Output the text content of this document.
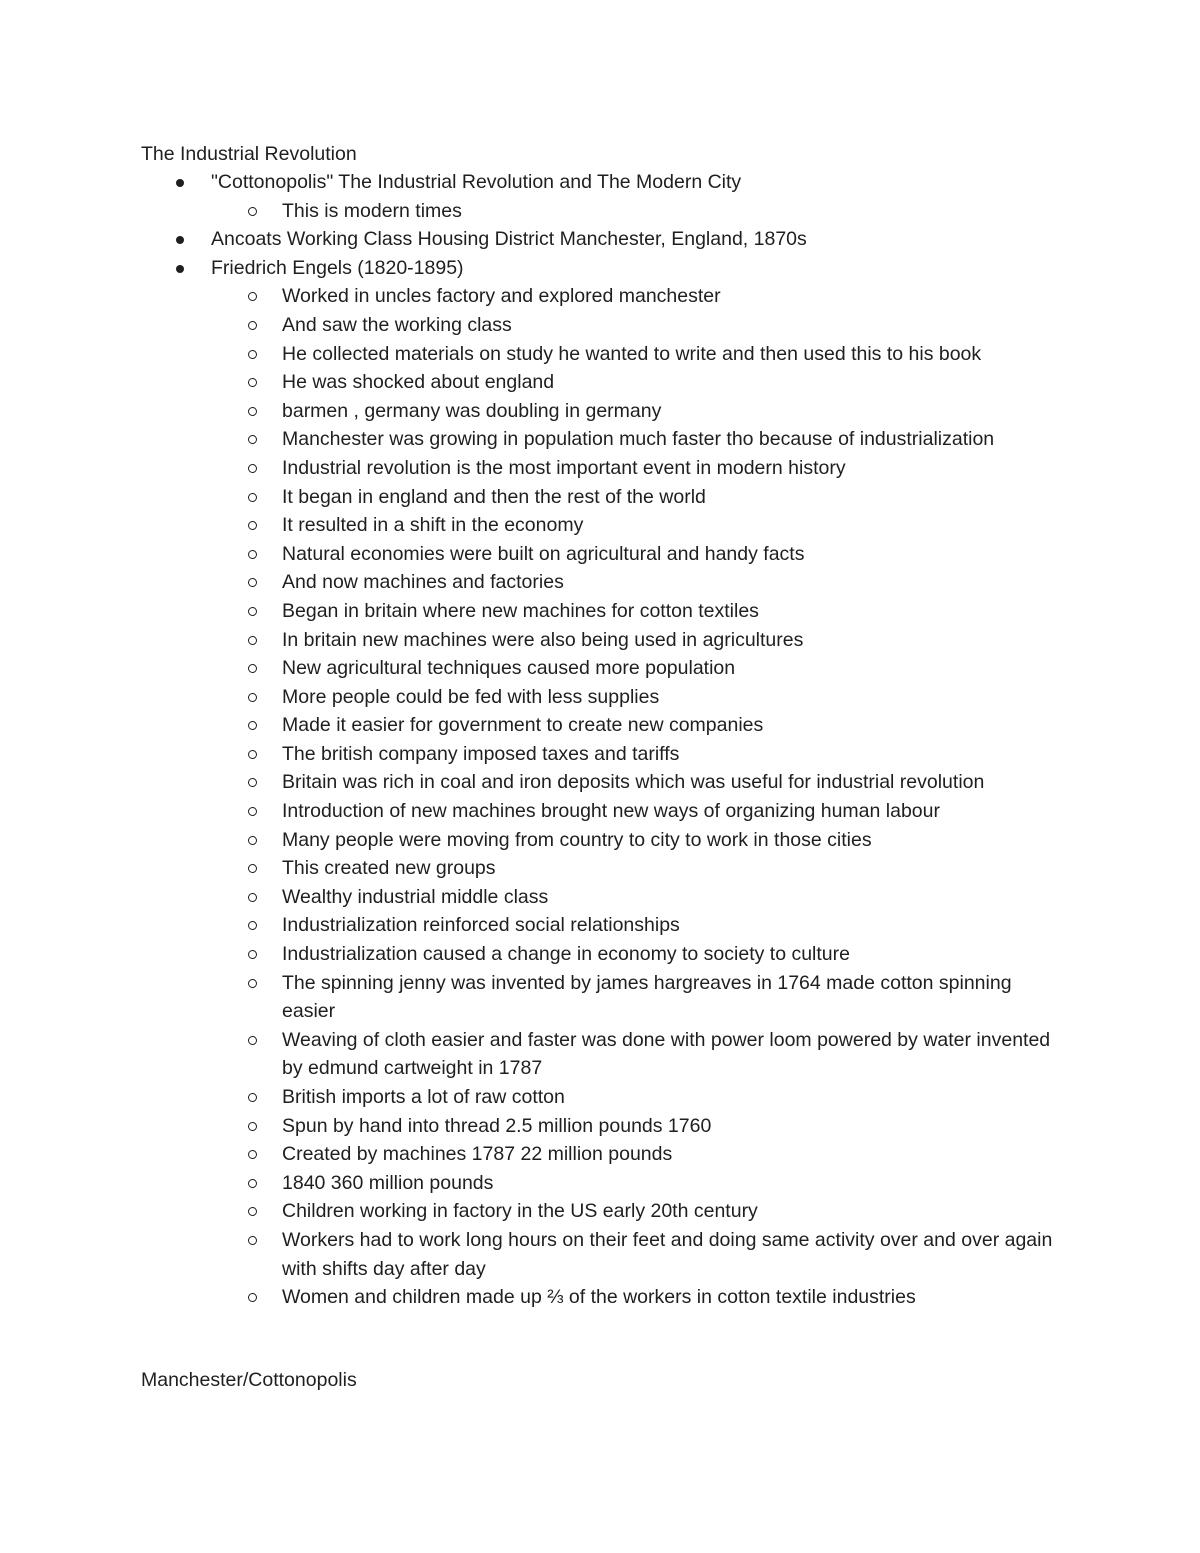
The Industrial Revolution
"Cottonopolis" The Industrial Revolution and The Modern City
This is modern times
Ancoats Working Class Housing District Manchester, England, 1870s
Friedrich Engels (1820-1895)
Worked in uncles factory and explored manchester
And saw the working class
He collected materials on study he wanted to write and then used this to his book
He was shocked about england
barmen , germany was doubling in germany
Manchester was growing in population much faster tho because of industrialization
Industrial revolution is the most important event in modern history
It began in england and then the rest of the world
It resulted in a shift in the economy
Natural economies were built on agricultural and handy facts
And now machines and factories
Began in britain where new machines for cotton textiles
In britain new machines were also being used in agricultures
New agricultural techniques caused more population
More people could be fed with less supplies
Made it easier for government to create new companies
The british company imposed taxes and tariffs
Britain was rich in coal and iron deposits which was useful for industrial revolution
Introduction of new machines brought new ways of organizing human labour
Many people were moving from country to city to work in those cities
This created new groups
Wealthy industrial middle class
Industrialization reinforced social relationships
Industrialization caused a change in economy to society to culture
The spinning jenny was invented by james hargreaves in 1764 made cotton spinning easier
Weaving of cloth easier and faster was done with power loom powered by water invented by edmund cartweight in 1787
British imports a lot of raw cotton
Spun by hand into thread 2.5 million pounds 1760
Created by machines 1787 22 million pounds
1840 360 million pounds
Children working in factory in the US early 20th century
Workers had to work long hours on their feet and doing same activity over and over again with shifts day after day
Women and children made up ⅔ of the workers in cotton textile industries
Manchester/Cottonopolis
